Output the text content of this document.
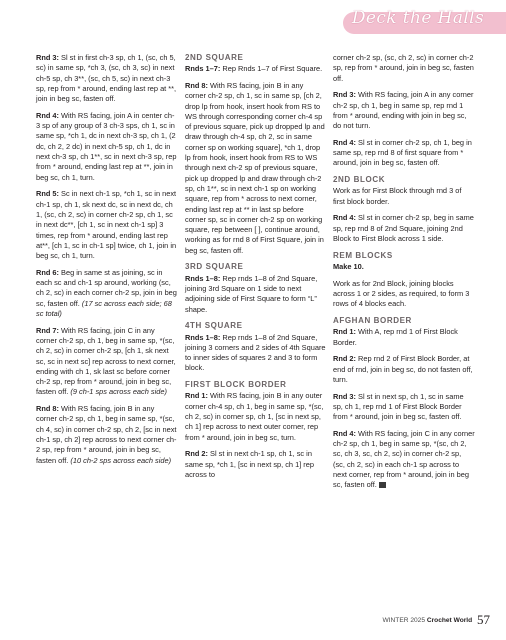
Deck the Halls

Rnd 3: Sl st in first ch-3 sp, ch 1, (sc, ch 5, sc) in same sp, *ch 3, (sc, ch 3, sc) in next ch-5 sp, ch 3**, (sc, ch 5, sc) in next ch-3 sp, rep from * around, ending last rep at **, join in beg sc, fasten off.

Rnd 4: With RS facing, join A in center ch-3 sp of any group of 3 ch-3 sps, ch 1, sc in same sp, *ch 1, dc in next ch-3 sp, ch 1, (2 dc, ch 2, 2 dc) in next ch-5 sp, ch 1, dc in next ch-3 sp, ch 1**, sc in next ch-3 sp, rep from * around, ending last rep at **, join in beg sc, ch 1, turn.

Rnd 5: Sc in next ch-1 sp, *ch 1, sc in next ch-1 sp, ch 1, sk next dc, sc in next dc, ch 1, (sc, ch 2, sc) in corner ch-2 sp, ch 1, sc in next dc**, [ch 1, sc in next ch-1 sp] 3 times, rep from * around, ending last rep at**, [ch 1, sc in ch-1 sp] twice, ch 1, join in beg sc, ch 1, turn.

Rnd 6: Beg in same st as joining, sc in each sc and ch-1 sp around, working (sc, ch 2, sc) in each corner ch-2 sp, join in beg sc, fasten off. (17 sc across each side; 68 sc total)

Rnd 7: With RS facing, join C in any corner ch-2 sp, ch 1, beg in same sp, *(sc, ch 2, sc) in corner ch-2 sp, [ch 1, sk next sc, sc in next sc] rep across to next corner, ending with ch 1, sk last sc before corner ch-2 sp, rep from * around, join in beg sc, fasten off. (9 ch-1 sps across each side)

Rnd 8: With RS facing, join B in any corner ch-2 sp, ch 1, beg in same sp, *(sc, ch 4, sc) in corner ch-2 sp, ch 2, [sc in next ch-1 sp, ch 2] rep across to next corner ch-2 sp, rep from * around, join in beg sc, fasten off. (10 ch-2 sps across each side)

2ND SQUARE

Rnds 1–7: Rep Rnds 1–7 of First Square.

Rnd 8: With RS facing, join B in any corner ch-2 sp, ch 1, sc in same sp, [ch 2, drop lp from hook, insert hook from RS to WS through corresponding corner ch-4 sp of previous square, pick up dropped lp and draw through ch-4 sp, ch 2, sc in same corner sp on working square], *ch 1, drop lp from hook, insert hook from RS to WS through next ch-2 sp of previous square, pick up dropped lp and draw through ch-2 sp, ch 1**, sc in next ch-1 sp on working square, rep from * across to next corner, ending last rep at ** in last sp before corner sp, sc in corner ch-2 sp on working square, rep between [ ], continue around, working as for rnd 8 of First Square, join in beg sc, fasten off.

3RD SQUARE

Rnds 1–8: Rep rnds 1–8 of 2nd Square, joining 3rd Square on 1 side to next adjoining side of First Square to form “L” shape.

4TH SQUARE

Rnds 1–8: Rep rnds 1–8 of 2nd Square, joining 3 corners and 2 sides of 4th Square to inner sides of squares 2 and 3 to form block.

FIRST BLOCK BORDER

Rnd 1: With RS facing, join B in any outer corner ch-4 sp, ch 1, beg in same sp, *(sc, ch 2, sc) in corner sp, ch 1, [sc in next sp, ch 1] rep across to next outer corner, rep from * around, join in beg sc, turn.

Rnd 2: Sl st in next ch-1 sp, ch 1, sc in same sp, *ch 1, [sc in next sp, ch 1] rep across to

corner ch-2 sp, (sc, ch 2, sc) in corner ch-2 sp, rep from * around, join in beg sc, fasten off.

Rnd 3: With RS facing, join A in any corner ch-2 sp, ch 1, beg in same sp, rep rnd 1 from * around, ending with join in beg sc, do not turn.

Rnd 4: Sl st in corner ch-2 sp, ch 1, beg in same sp, rep rnd 8 of first square from * around, join in beg sc, fasten off.

2ND BLOCK

Work as for First Block through rnd 3 of first block border.

Rnd 4: Sl st in corner ch-2 sp, beg in same sp, rep rnd 8 of 2nd Square, joining 2nd Block to First Block across 1 side.

REM BLOCKS

Make 10.

Work as for 2nd Block, joining blocks across 1 or 2 sides, as required, to form 3 rows of 4 blocks each.

AFGHAN BORDER

Rnd 1: With A, rep rnd 1 of First Block Border.

Rnd 2: Rep rnd 2 of First Block Border, at end of rnd, join in beg sc, do not fasten off, turn.

Rnd 3: Sl st in next sp, ch 1, sc in same sp, ch 1, rep rnd 1 of First Block Border from * around, join in beg sc, fasten off.

Rnd 4: With RS facing, join C in any corner ch-2 sp, ch 1, beg in same sp, *(sc, ch 2, sc, ch 3, sc, ch 2, sc) in corner ch-2 sp, (sc, ch 2, sc) in each ch-1 sp across to next corner, rep from * around, join in beg sc, fasten off.

WINTER 2025 Crochet World 57
